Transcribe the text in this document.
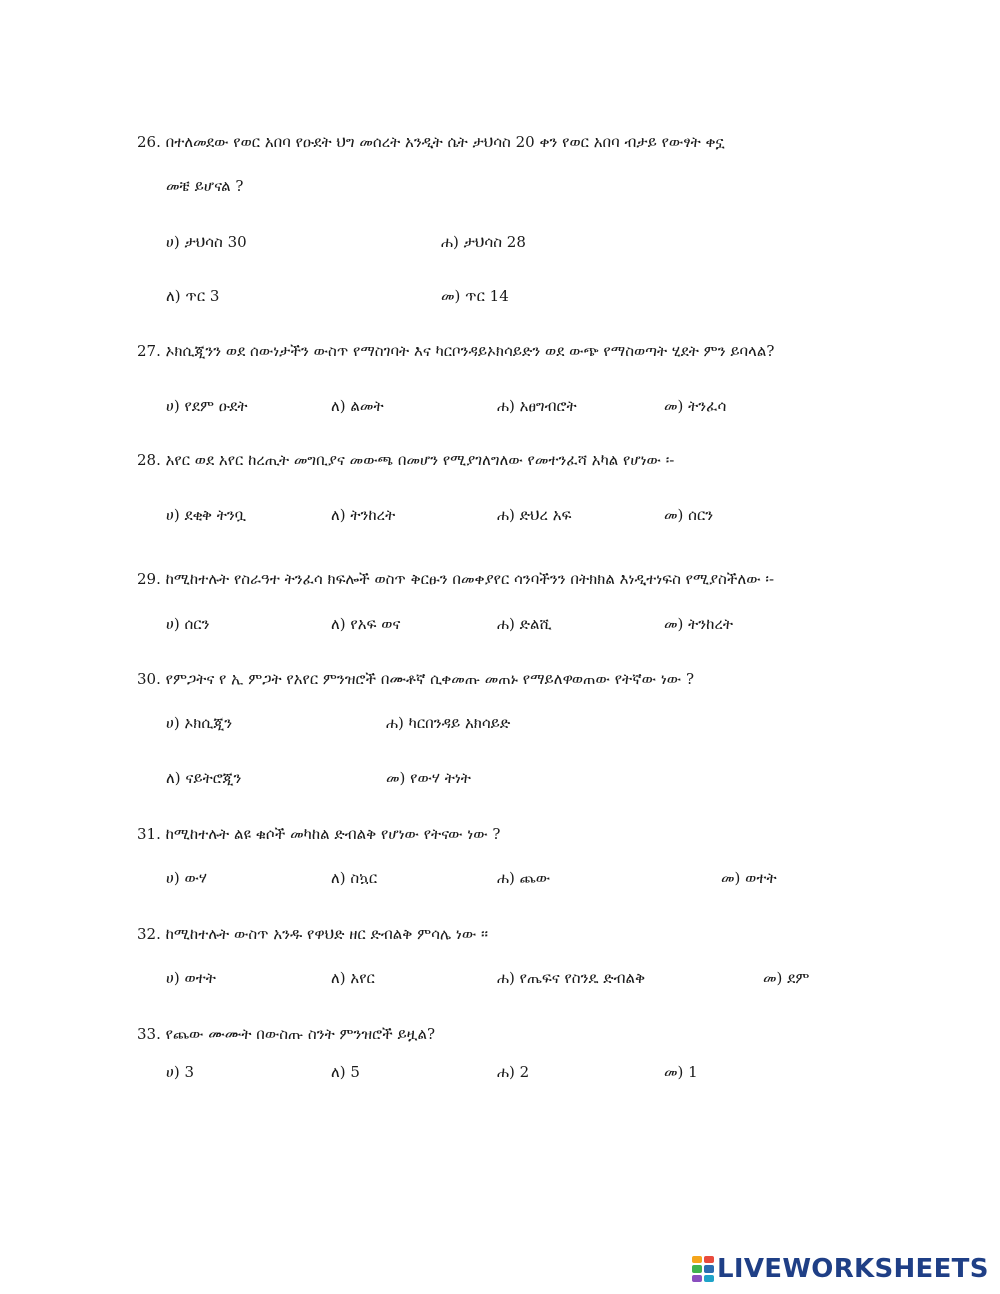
26. በተለመደው የወር አበባ የዑደት ህግ መሰረት አንዲት ሴት ታህሳስ 20 ቀን የወር አበባ ብታይ የውፃት ቀኗ
መቼ ይሆናል ?
ሀ) ታህሳስ 30	ሐ) ታህሳስ 28
ለ) ጥር 3	መ) ጥር 14
27. ኦክሲጂንን ወደ ሰውነታችን ውስጥ የማስገባት እና ካርቦንዳይኦክሳይድን ወደ ውጭ የማስወጣት ሂደት ምን ይባላል?
ሀ) የደም ዑደት	ለ) ልመት	ሐ) አፀግብሮት	መ) ትንፈሳ
28. አየር ወደ አየር ከረጢት መግቢያና መውጫ በመሆን የሚያገለግለው የመተንፈሻ አካል የሆነው ፡-
ሀ) ደቂቅ ትንቧ	ለ) ትንከረት	ሐ) ድህረ አፍ	መ) ሰርን
29. ከሚከተሉት የስራዓተ ትንፈሳ ክፍሎች ወስጥ ቅርፁን በመቀያየር ሳንባችንን በትክክል እነዲተነፍስ የሚያስችለው ፡-
ሀ) ሰርን	ለ) የአፍ ወና	ሐ) ድልሺ	መ) ትንከረት
30. የምጋትና የ ኢ ምጋት የአየር ምንዝሮች በሙቶኛ ሲቀመጡ መጠኑ የማይለዋወጠው የትኛው ነው ?
ሀ) ኦክሲጂን	ሐ) ካርበንዳይ አክሳይድ
ለ) ናይትሮጂን	መ) የውሃ ትነት
31. ከሚከተሉት ልዩ ቁሶች መካከል ድብልቅ የሆነው የትናው ነው ?
ሀ) ውሃ	ለ) ስኳር	ሐ) ጨው	መ) ወተት
32. ከሚከተሉት ውስጥ አንዱ የዋህድ ዘር ድብልቅ ምሳሌ ነው ፡፡
ሀ) ወተት	ለ) አየር	ሐ) የጤፍና የስንዴ ድብልቅ	መ) ደም
33. የጨው ሙሙት በውስጡ ስንት ምንዝሮች ይዟል?
ሀ) 3	ለ) 5	ሐ) 2	መ) 1
LIVEWORKSHEETS
